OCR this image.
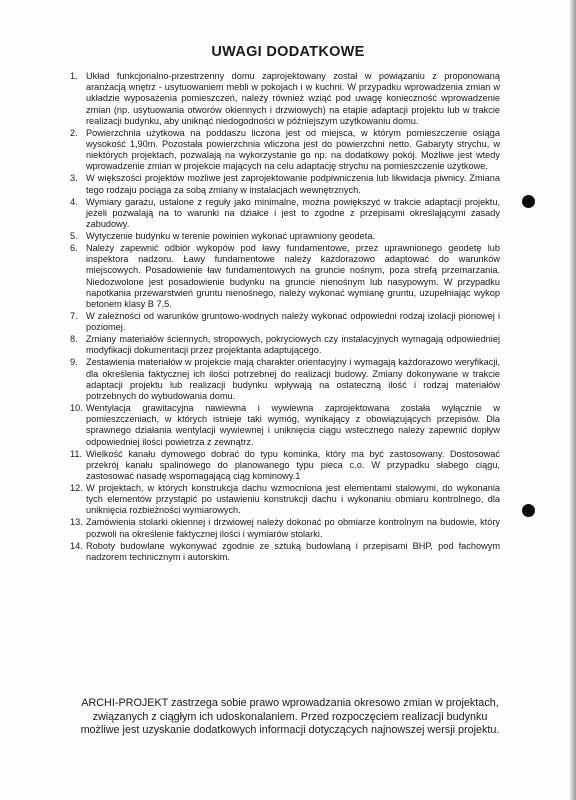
UWAGI DODATKOWE
1. Układ funkcjonalno-przestrzenny domu zaprojektowany został w powiązaniu z proponowaną aranżacją wnętrz - usytuowaniem mebli w pokojach i w kuchni. W przypadku wprowadzenia zmian w układzie wyposażenia pomieszczeń, należy również wziąć pod uwagę konieczność wprowadzenie zmian (np. usytuowania otworów okiennych i drzwiowych) na etapie adaptacji projektu lub w trakcie realizacji budynku, aby uniknąć niedogodności w późniejszym użytkowaniu domu.
2. Powierzchnia użytkowa na poddaszu liczona jest od miejsca, w którym pomieszczenie osiąga wysokość 1,90m. Pozostała powierzchnia wliczona jest do powierzchni netto. Gabaryty strychu, w niektórych projektach, pozwalają na wykorzystanie go np. na dodatkowy pokój. Możliwe jest wtedy wprowadzenie zmian w projekcie mających na celu adaptację strychu na pomieszczenie użytkowe.
3. W większości projektów możliwe jest zaprojektowanie podpiwniczenia lub likwidacja piwnicy. Zmiana tego rodzaju pociąga za sobą zmiany w instalacjach wewnętrznych.
4. Wymiary garażu, ustalone z reguły jako minimalne, można powiększyć w trakcie adaptacji projektu, jeżeli pozwalają na to warunki na działce i jest to zgodne z przepisami określającymi zasady zabudowy.
5. Wytyczenie budynku w terenie powinien wykonać uprawniony geodeta.
6. Należy zapewnić odbiór wykopów pod ławy fundamentowe, przez uprawnionego geodetę lub inspektora nadzoru. Ławy fundamentowe należy każdorazowo adaptować do warunków miejscowych. Posadowienie ław fundamentowych na gruncie nośnym, poza strefą przemarzania. Niedozwolone jest posadowienie budynku na gruncie nienośnym lub nasypowym. W przypadku napotkania przewarstwień gruntu nienośnego, należy wykonać wymianę gruntu, uzupełniając wykop betonem klasy B 7,5.
7. W zależności od warunków gruntowo-wodnych należy wykonać odpowiedni rodzaj izolacji pionowej i poziomej.
8. Zmiany materiałów ściennych, stropowych, pokryciowych czy instalacyjnych wymagają odpowiedniej modyfikacji dokumentacji przez projektanta adaptującego.
9. Zestawienia materiałów w projekcie mają charakter orientacyjny i wymagają każdorazowo weryfikacji, dla określenia faktycznej ich ilości potrzebnej do realizacji budowy. Zmiany dokonywane w trakcie adaptacji projektu lub realizacji budynku wpływają na ostateczną ilość i rodzaj materiałów potrzebnych do wybudowania domu.
10. Wentylacja grawitacyjna nawiewna i wywiewna zaprojektowana została wyłącznie w pomieszczeniach, w których istnieje taki wymóg, wynikający z obowiązujących przepisów. Dla sprawnego działania wentylacji wywiewnej i uniknięcia ciągu wstecznego należy zapewnić dopływ odpowiedniej ilości powietrza z zewnątrz.
11. Wielkość kanału dymowego dobrać do typu kominka, który ma być zastosowany. Dostosować przekrój kanału spalinowego do planowanego typu pieca c.o. W przypadku słabego ciągu, zastosować nasadę wspomagającą ciąg kominowy.1
12. W projektach, w których konstrukcja dachu wzmocniona jest elementami stalowymi, do wykonania tych elementów przystąpić po ustawieniu konstrukcji dachu i wykonaniu obmiaru kontrolnego, dla uniknięcia rozbieżności wymiarowych.
13. Zamówienia stolarki okiennej i drzwiowej należy dokonać po obmiarze kontrolnym na budowie, który pozwoli na określenie faktycznej ilości i wymiarów stolarki.
14. Roboty budowlane wykonywać zgodnie ze sztuką budowlaną i przepisami BHP, pod fachowym nadzorem technicznym i autorskim.
ARCHI-PROJEKT zastrzega sobie prawo wprowadzania okresowo zmian w projektach, związanych z ciągłym ich udoskonalaniem. Przed rozpoczęciem realizacji budynku możliwe jest uzyskanie dodatkowych informacji dotyczących najnowszej wersji projektu.
